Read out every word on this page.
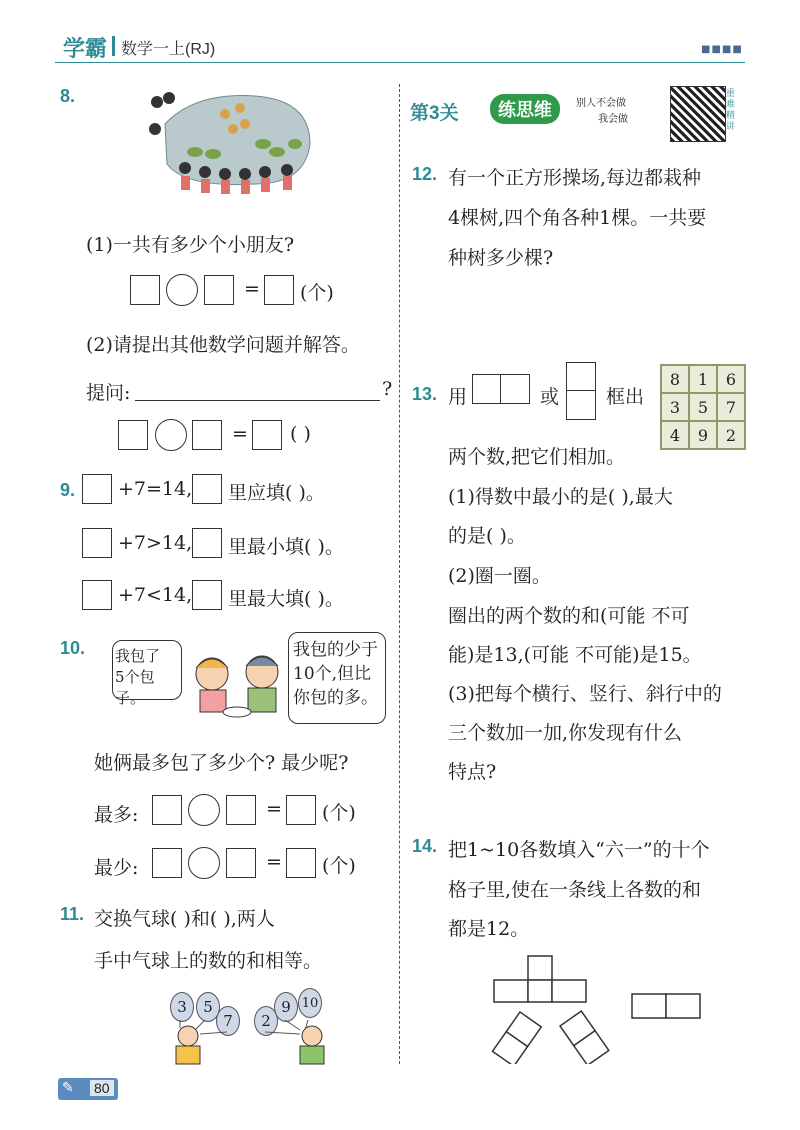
学霸 数学一上(RJ)	■■■■
8.
(1)一共有多少个小朋友?
= (个)
(2)请提出其他数学问题并解答。
提问:	?
= ( )
9. +7=14, 里应填( )。
+7>14, 里最小填( )。
+7<14, 里最大填( )。
10. 我包了
5个包子。
我包的少于
10个,但比
你包的多。
她俩最多包了多少个? 最少呢?
最多:	= (个)
最少:	= (个)
11. 交换气球( )和( ),两人
手中气球上的数的和相等。
3	5
7	2
9 10
第3关	练思维	别人不会做
我会做
重难精讲
12. 有一个正方形操场,每边都栽种
4棵树,四个角各种1棵。一共要
种树多少棵?
13. 用	或 框出
8	1	6
3	5	7
4	9	2
两个数,把它们相加。
(1)得数中最小的是( ),最大
的是( )。
(2)圈一圈。
圈出的两个数的和(可能 不可
能)是13,(可能 不可能)是15。
(3)把每个横行、竖行、斜行中的
三个数加一加,你发现有什么
特点?
14. 把1~10各数填入“六一”的十个
格子里,使在一条线上各数的和
都是12。
✎ 80
